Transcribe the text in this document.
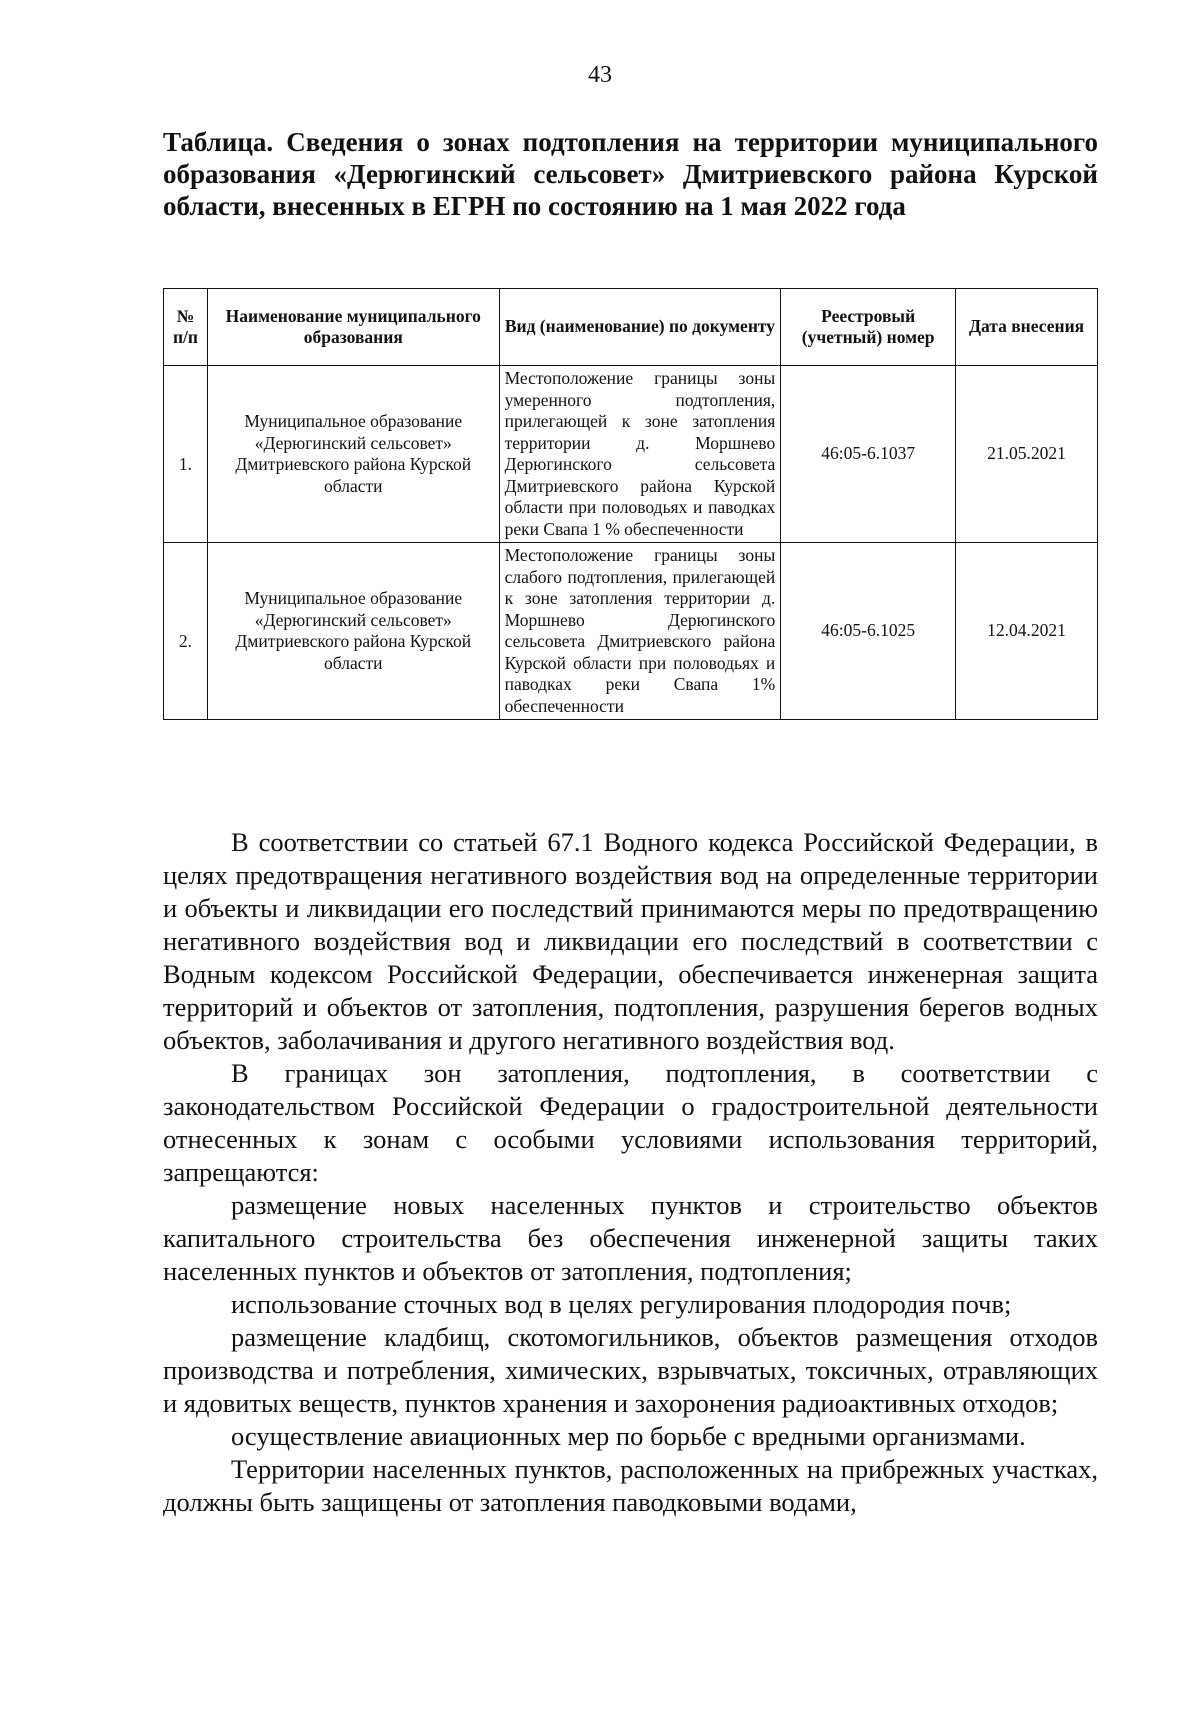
43
Таблица. Сведения о зонах подтопления на территории муниципального образования «Дерюгинский сельсовет» Дмитриевского района Курской области, внесенных в ЕГРН по состоянию на 1 мая 2022 года
№ п/п	Наименование муниципального образования	Вид (наименование) по документу	Реестровый (учетный) номер	Дата внесения
1.	Муниципальное образование «Дерюгинский сельсовет» Дмитриевского района Курской области	Местоположение границы зоны умеренного подтопления, прилегающей к зоне затопления территории д. Моршнево Дерюгинского сельсовета Дмитриевского района Курской области при половодьях и паводках реки Свапа 1 % обеспеченности	46:05-6.1037	21.05.2021
2.	Муниципальное образование «Дерюгинский сельсовет» Дмитриевского района Курской области	Местоположение границы зоны слабого подтопления, прилегающей к зоне затопления территории д. Моршнево Дерюгинского сельсовета Дмитриевского района Курской области при половодьях и паводках реки Свапа 1% обеспеченности	46:05-6.1025	12.04.2021

В соответствии со статьей 67.1 Водного кодекса Российской Федерации, в целях предотвращения негативного воздействия вод на определенные территории и объекты и ликвидации его последствий принимаются меры по предотвращению негативного воздействия вод и ликвидации его последствий в соответствии с Водным кодексом Российской Федерации, обеспечивается инженерная защита территорий и объектов от затопления, подтопления, разрушения берегов водных объектов, заболачивания и другого негативного воздействия вод.

В границах зон затопления, подтопления, в соответствии с законодательством Российской Федерации о градостроительной деятельности отнесенных к зонам с особыми условиями использования территорий, запрещаются:

размещение новых населенных пунктов и строительство объектов капитального строительства без обеспечения инженерной защиты таких населенных пунктов и объектов от затопления, подтопления;

использование сточных вод в целях регулирования плодородия почв;

размещение кладбищ, скотомогильников, объектов размещения отходов производства и потребления, химических, взрывчатых, токсичных, отравляющих и ядовитых веществ, пунктов хранения и захоронения радиоактивных отходов;

осуществление авиационных мер по борьбе с вредными организмами.

Территории населенных пунктов, расположенных на прибрежных участках, должны быть защищены от затопления паводковыми водами,
